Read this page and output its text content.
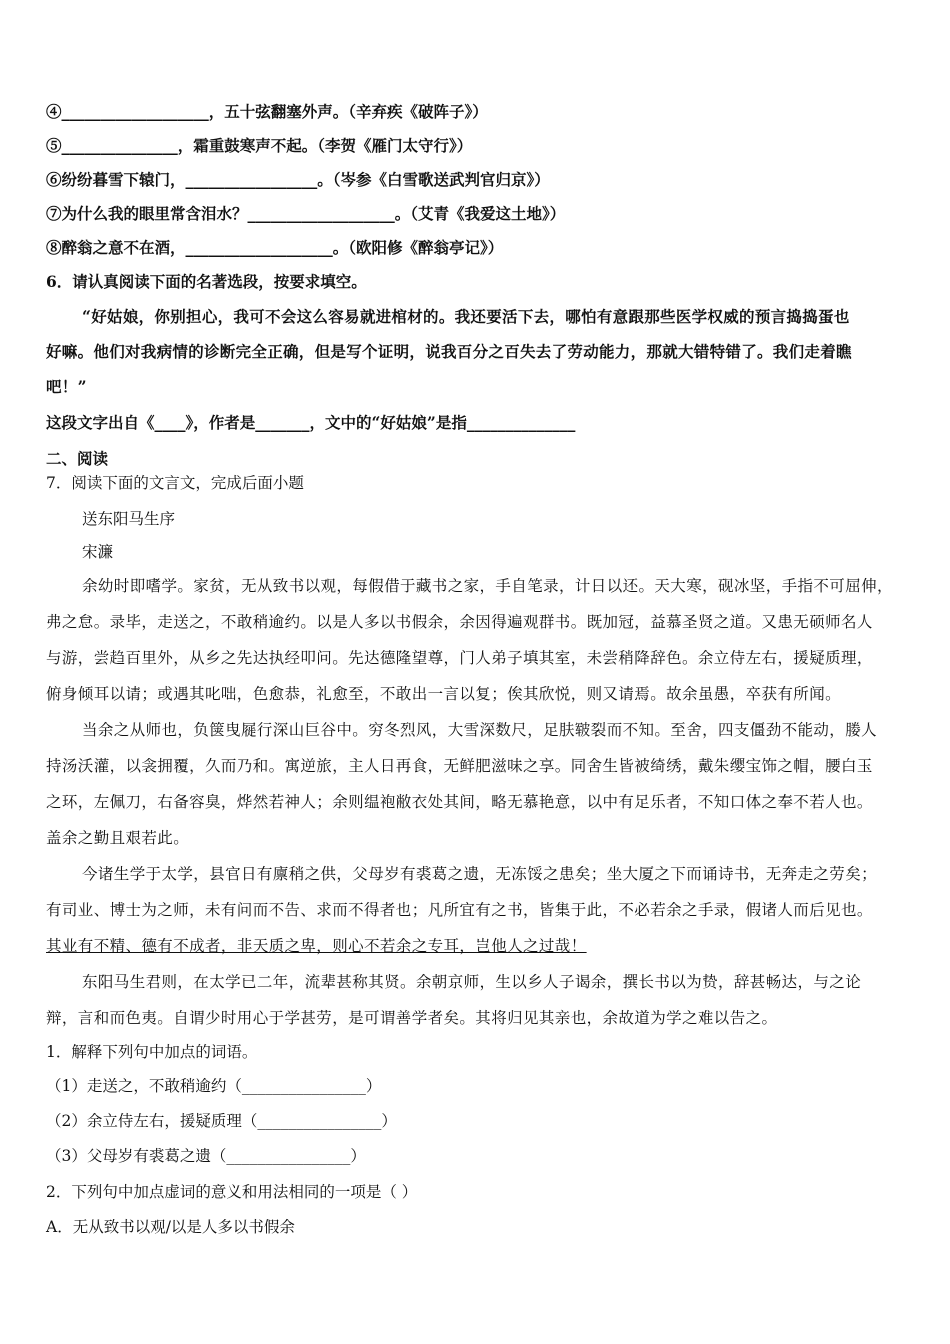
④___________________，五十弦翻塞外声。（辛弃疾《破阵子》）
⑤_______________，霜重鼓寒声不起。（李贺《雁门太守行》）
⑥纷纷暮雪下辕门，_________________。（岑参《白雪歌送武判官归京》）
⑦为什么我的眼里常含泪水？___________________。（艾青《我爱这土地》）
⑧醉翁之意不在酒，___________________。（欧阳修《醉翁亭记》）
6．请认真阅读下面的名著选段，按要求填空。
“好姑娘，你别担心，我可不会这么容易就进棺材的。我还要活下去，哪怕有意跟那些医学权威的预言捣捣蛋也
好嘛。他们对我病情的诊断完全正确，但是写个证明，说我百分之百失去了劳动能力，那就大错特错了。我们走着瞧
吧！”
这段文字出自《____》，作者是_______，文中的“好姑娘”是指______________
二、阅读
7．阅读下面的文言文，完成后面小题
送东阳马生序
宋濂
余幼时即嗜学。家贫，无从致书以观，每假借于藏书之家，手自笔录，计日以还。天大寒，砚冰坚，手指不可屈伸，
弗之怠。录毕，走送之，不敢稍逾约。以是人多以书假余，余因得遍观群书。既加冠，益慕圣贤之道。又患无硕师名人
与游，尝趋百里外，从乡之先达执经叩问。先达德隆望尊，门人弟子填其室，未尝稍降辞色。余立侍左右，援疑质理，
俯身倾耳以请；或遇其叱咄，色愈恭，礼愈至，不敢出一言以复；俟其欣悦，则又请焉。故余虽愚，卒获有所闻。
当余之从师也，负箧曳屣行深山巨谷中。穷冬烈风，大雪深数尺，足肤皲裂而不知。至舍，四支僵劲不能动，媵人
持汤沃灌，以衾拥覆，久而乃和。寓逆旅，主人日再食，无鲜肥滋味之享。同舍生皆被绮绣，戴朱缨宝饰之帽，腰白玉
之环，左佩刀，右备容臭，烨然若神人；余则缊袍敝衣处其间，略无慕艳意，以中有足乐者，不知口体之奉不若人也。
盖余之勤且艰若此。
今诸生学于太学，县官日有廪稍之供，父母岁有裘葛之遗，无冻馁之患矣；坐大厦之下而诵诗书，无奔走之劳矣；
有司业、博士为之师，未有问而不告、求而不得者也；凡所宜有之书，皆集于此，不必若余之手录，假诸人而后见也。
其业有不精、德有不成者，非天质之卑，则心不若余之专耳，岂他人之过哉！
东阳马生君则，在太学已二年，流辈甚称其贤。余朝京师，生以乡人子谒余，撰长书以为贽，辞甚畅达，与之论
辩，言和而色夷。自谓少时用心于学甚劳，是可谓善学者矣。其将归见其亲也，余故道为学之难以告之。
1．解释下列句中加点的词语。
（1）走送之，不敢稍逾约（________________）
（2）余立侍左右，援疑质理（________________）
（3）父母岁有裘葛之遗（________________）
2．下列句中加点虚词的意义和用法相同的一项是（ ）
A．无从致书以观/以是人多以书假余
